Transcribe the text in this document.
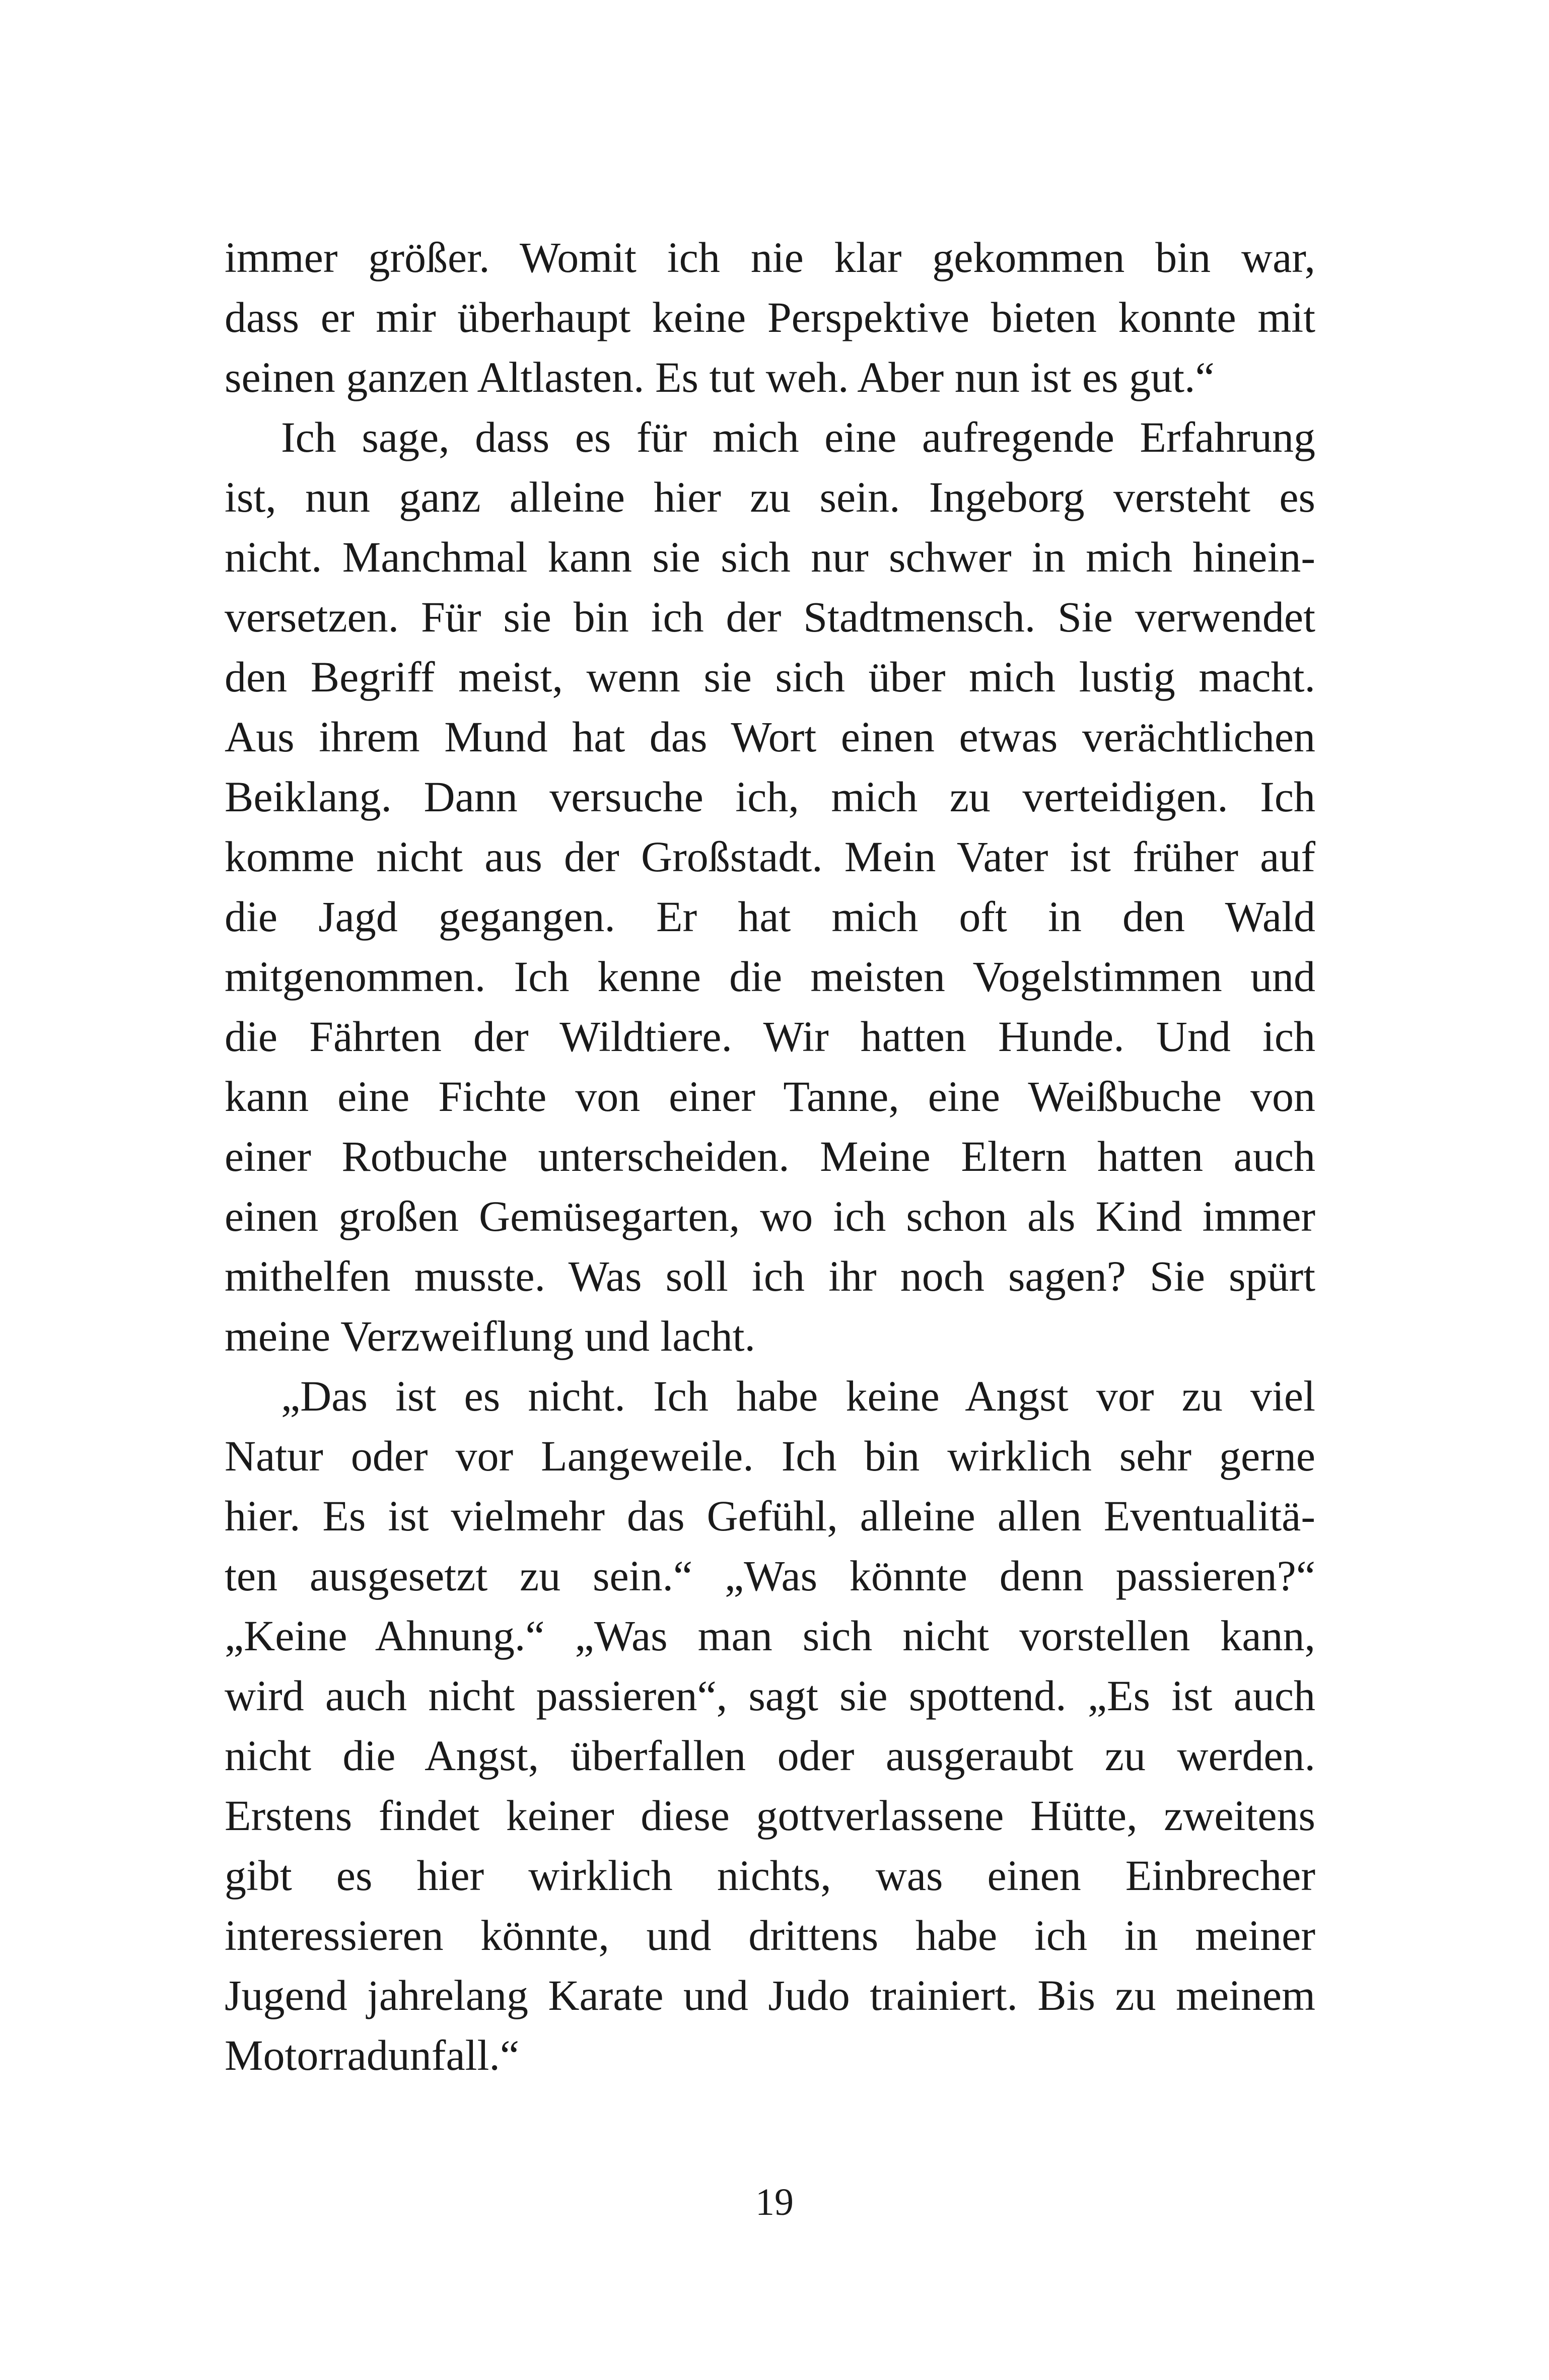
immer größer. Womit ich nie klar gekommen bin war,
dass er mir überhaupt keine Perspektive bieten konnte mit
seinen ganzen Altlasten. Es tut weh. Aber nun ist es gut.“
Ich sage, dass es für mich eine aufregende Erfahrung
ist, nun ganz alleine hier zu sein. Ingeborg versteht es
nicht. Manchmal kann sie sich nur schwer in mich hinein-
versetzen. Für sie bin ich der Stadtmensch. Sie verwendet
den Begriff meist, wenn sie sich über mich lustig macht.
Aus ihrem Mund hat das Wort einen etwas verächtlichen
Beiklang. Dann versuche ich, mich zu verteidigen. Ich
komme nicht aus der Großstadt. Mein Vater ist früher auf
die Jagd gegangen. Er hat mich oft in den Wald
mitgenommen. Ich kenne die meisten Vogelstimmen und
die Fährten der Wildtiere. Wir hatten Hunde. Und ich
kann eine Fichte von einer Tanne, eine Weißbuche von
einer Rotbuche unterscheiden. Meine Eltern hatten auch
einen großen Gemüsegarten, wo ich schon als Kind immer
mithelfen musste. Was soll ich ihr noch sagen? Sie spürt
meine Verzweiflung und lacht.
„Das ist es nicht. Ich habe keine Angst vor zu viel
Natur oder vor Langeweile. Ich bin wirklich sehr gerne
hier. Es ist vielmehr das Gefühl, alleine allen Eventualitä-
ten ausgesetzt zu sein.“ „Was könnte denn passieren?“
„Keine Ahnung.“ „Was man sich nicht vorstellen kann,
wird auch nicht passieren“, sagt sie spottend. „Es ist auch
nicht die Angst, überfallen oder ausgeraubt zu werden.
Erstens findet keiner diese gottverlassene Hütte, zweitens
gibt es hier wirklich nichts, was einen Einbrecher
interessieren könnte, und drittens habe ich in meiner
Jugend jahrelang Karate und Judo trainiert. Bis zu meinem
Motorradunfall.“
19
